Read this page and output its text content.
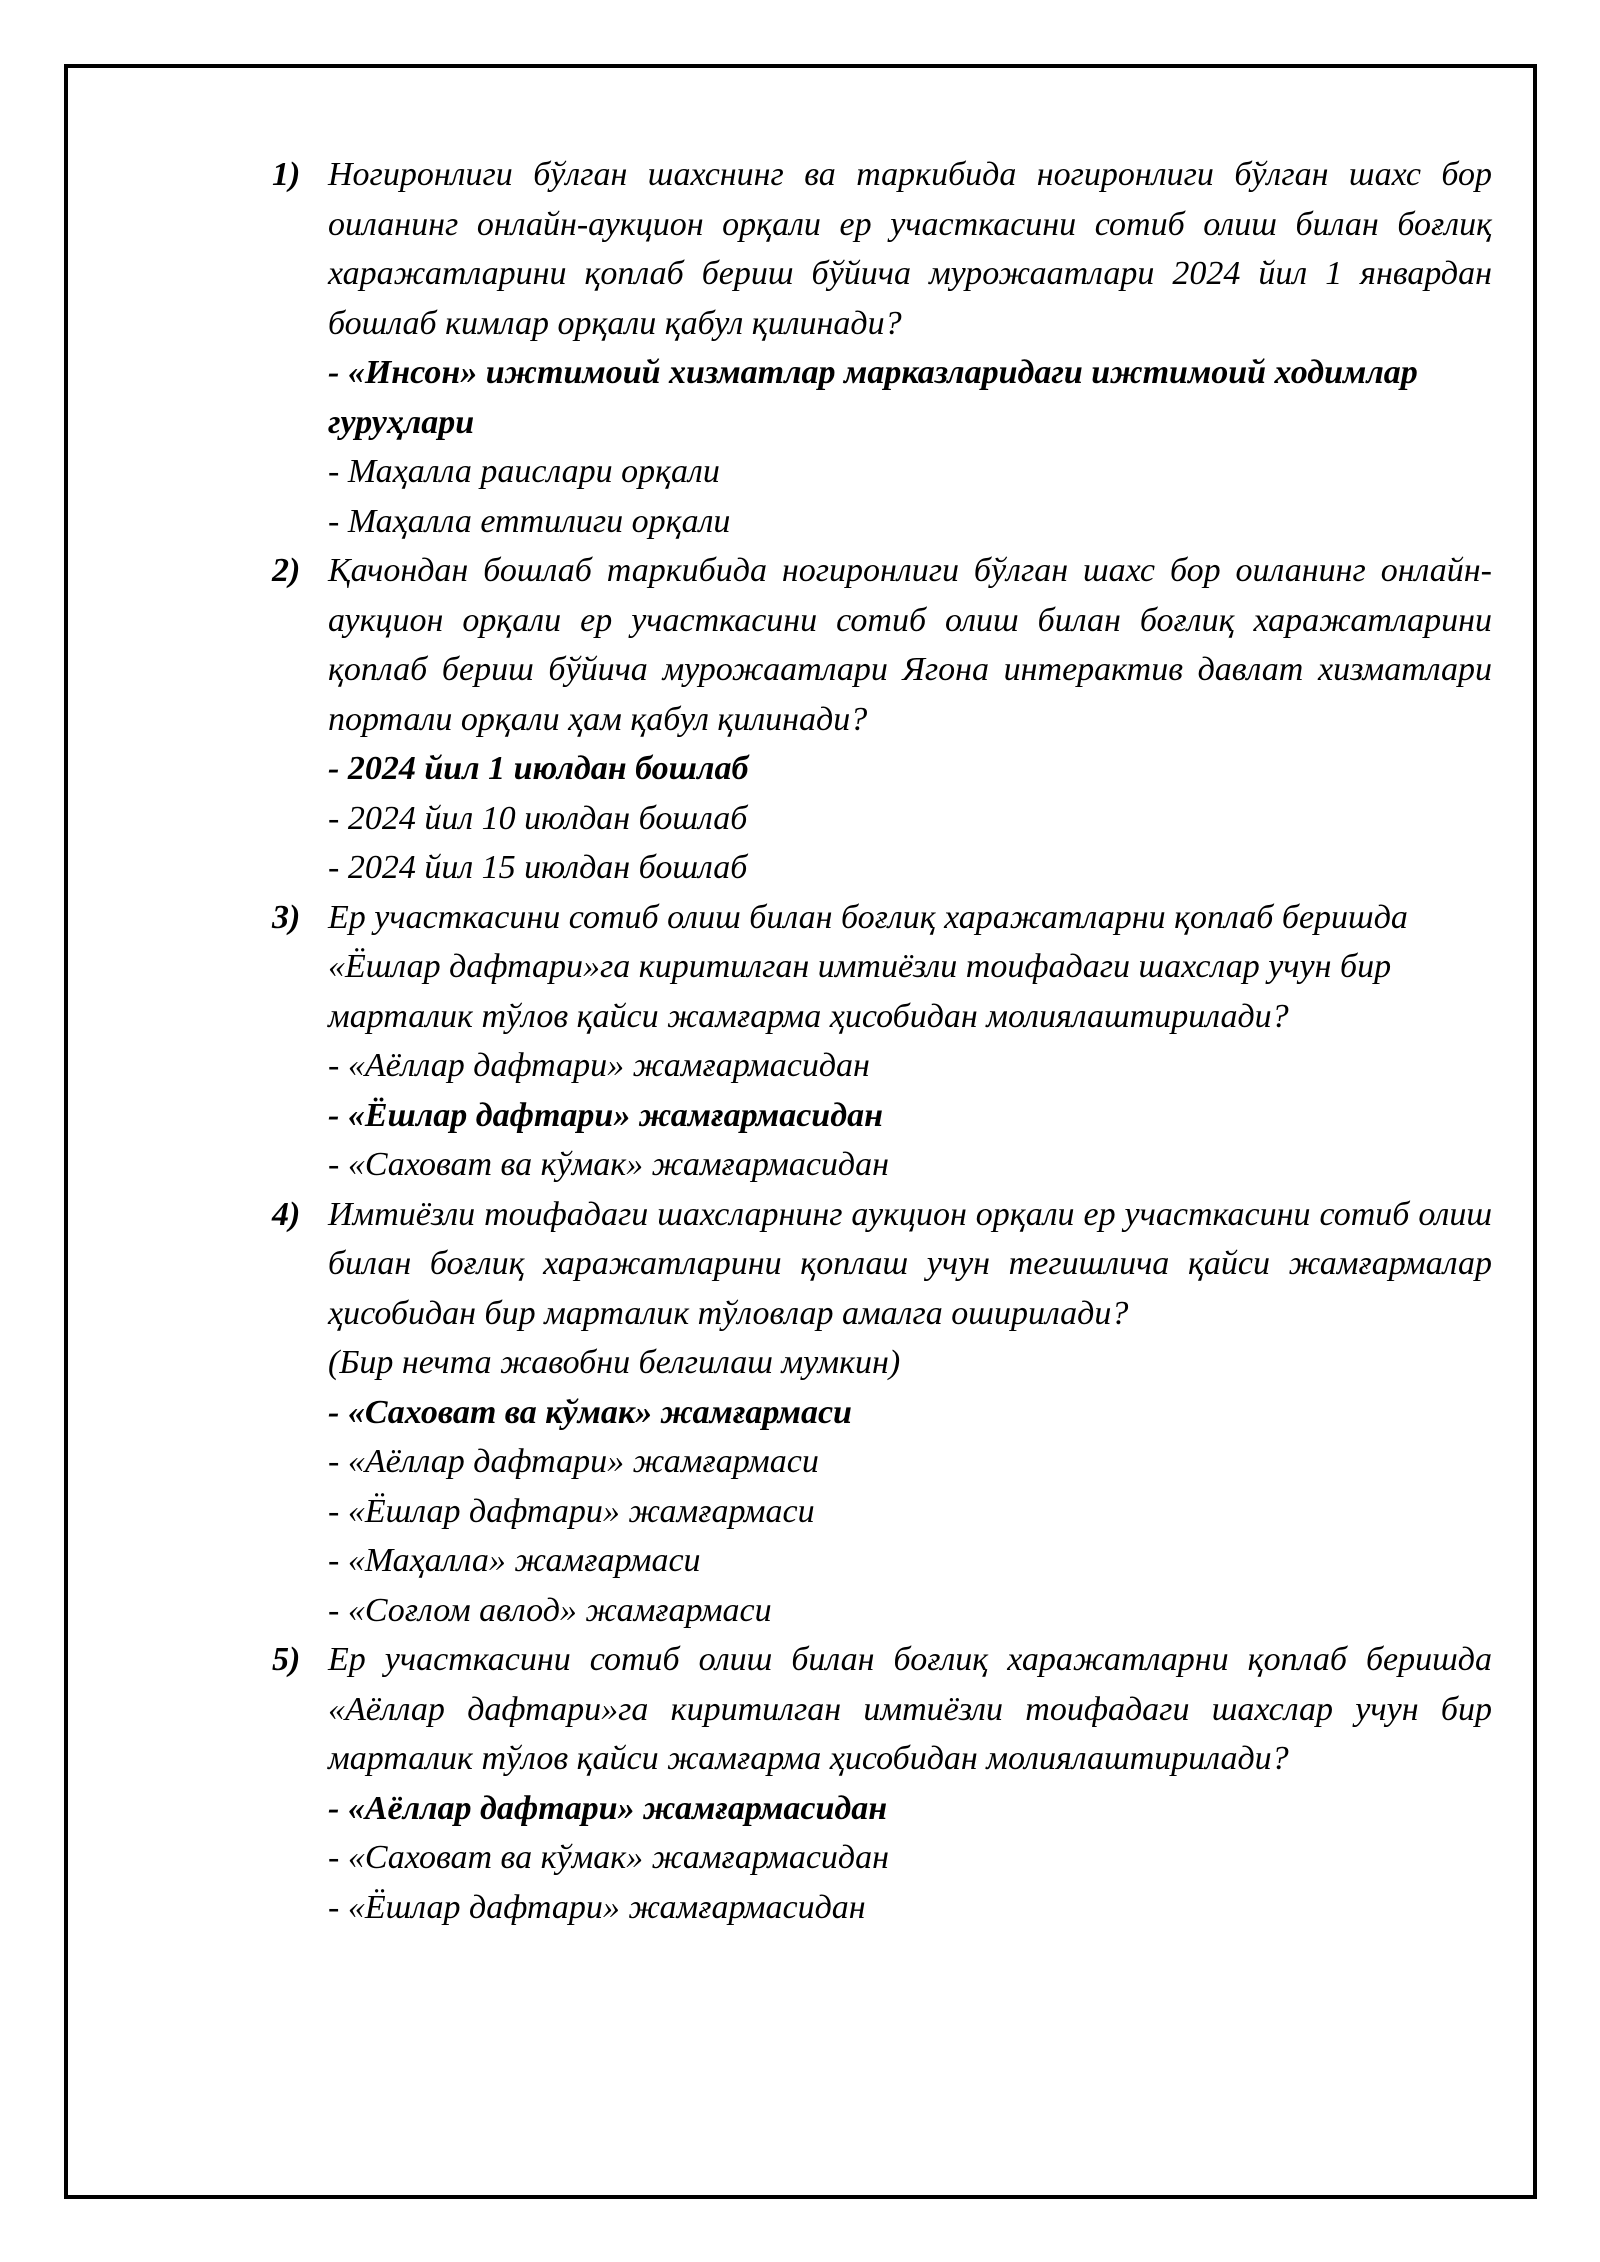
1) Ногиронлиги бўлган шахснинг ва таркибида ногиронлиги бўлган шахс бор оиланинг онлайн-аукцион орқали ер участкасини сотиб олиш билан боғлиқ харажатларини қоплаб бериш бўйича мурожаатлари 2024 йил 1 январдан бошлаб кимлар орқали қабул қилинади?

- «Инсон» ижтимоий хизматлар марказларидаги ижтимоий ходимлар гуруҳлари

- Маҳалла раислари орқали

- Маҳалла еттилиги орқали

2) Қачондан бошлаб таркибида ногиронлиги бўлган шахс бор оиланинг онлайн-аукцион орқали ер участкасини сотиб олиш билан боғлиқ харажатларини қоплаб бериш бўйича мурожаатлари Ягона интерактив давлат хизматлари портали орқали ҳам қабул қилинади?

- 2024 йил 1 июлдан бошлаб

- 2024 йил 10 июлдан бошлаб

- 2024 йил 15 июлдан бошлаб

3) Ер участкасини сотиб олиш билан боғлиқ харажатларни қоплаб беришда «Ёшлар дафтари»га киритилган имтиёзли тоифадаги шахслар учун бир марталик тўлов қайси жамғарма ҳисобидан молиялаштирилади?

- «Аёллар дафтари» жамғармасидан

- «Ёшлар дафтари» жамғармасидан

- «Саховат ва кўмак» жамғармасидан

4) Имтиёзли тоифадаги шахсларнинг аукцион орқали ер участкасини сотиб олиш билан боғлиқ харажатларини қоплаш учун тегишлича қайси жамғармалар ҳисобидан бир марталик тўловлар амалга оширилади?

(Бир нечта жавобни белгилаш мумкин)

- «Саховат ва кўмак» жамғармаси

- «Аёллар дафтари» жамғармаси

- «Ёшлар дафтари» жамғармаси

- «Маҳалла» жамғармаси

- «Соғлом авлод» жамғармаси

5) Ер участкасини сотиб олиш билан боғлиқ харажатларни қоплаб беришда «Аёллар дафтари»га киритилган имтиёзли тоифадаги шахслар учун бир марталик тўлов қайси жамғарма ҳисобидан молиялаштирилади?

- «Аёллар дафтари» жамғармасидан

- «Саховат ва кўмак» жамғармасидан

- «Ёшлар дафтари» жамғармасидан
